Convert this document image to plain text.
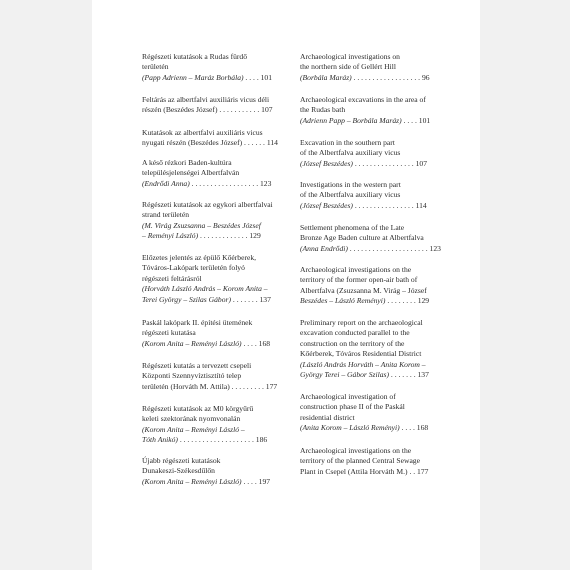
Régészeti kutatások a Rudas fürdő
területén
(Papp Adrienn – Maráz Borbála) . . . . 101
Feltárás az albertfalvi auxiliáris vicus déli
részén (Beszédes József) . . . . . . . . . . . 107
Kutatások az albertfalvi auxiliáris vicus
nyugati részén (Beszédes József) . . . . . . 114
A késő rézkori Baden-kultúra
településjelenségei Albertfalván
(Endrődi Anna) . . . . . . . . . . . . . . . . . . 123
Régészeti kutatások az egykori albertfalvai
strand területén
(M. Virág Zsuzsanna – Beszédes József
– Reményi László) . . . . . . . . . . . . . 129
Előzetes jelentés az épülő Kőérberek,
Tóváros-Lakópark területén folyó
régészeti feltárásról
(Horváth László András – Korom Anita –
Terei György – Szilas Gábor) . . . . . . . 137
Paskál lakópark II. építési ütemének
régészeti kutatása
(Korom Anita – Reményi László) . . . . 168
Régészeti kutatás a tervezett csepeli
Központi Szennyvíztisztító telep
területén (Horváth M. Attila) . . . . . . . . . 177
Régészeti kutatások az M0 körgyűrű
keleti szektorának nyomvonalán
(Korom Anita – Reményi László –
Tóth Anikó) . . . . . . . . . . . . . . . . . . . . 186
Újabb régészeti kutatások
Dunakeszi-Székesdűlőn
(Korom Anita – Reményi László) . . . . 197
Archaeological investigations on
the northern side of Gellért Hill
(Borbála Maráz) . . . . . . . . . . . . . . . . . . 96
Archaeological excavations in the area of
the Rudas bath
(Adrienn Papp – Borbála Maráz) . . . . 101
Excavation in the southern part
of the Albertfalva auxiliary vicus
(József Beszédes) . . . . . . . . . . . . . . . . 107
Investigations in the western part
of the Albertfalva auxiliary vicus
(József Beszédes) . . . . . . . . . . . . . . . . 114
Settlement phenomena of the Late
Bronze Age Baden culture at Albertfalva
(Anna Endrődi) . . . . . . . . . . . . . . . . . . . . . 123
Archaeological investigations on the
territory of the former open-air bath of
Albertfalva (Zsuzsanna M. Virág – József
Beszédes – László Reményi) . . . . . . . . 129
Preliminary report on the archaeological
excavation conducted parallel to the
construction on the territory of the
Kőérberek, Tóváros Residential District
(László András Horváth – Anita Korom –
György Terei – Gábor Szilas) . . . . . . . 137
Archaeological investigation of
construction phase II of the Paskál
residential district
(Anita Korom – László Reményi) . . . . 168
Archaeological investigations on the
territory of the planned Central Sewage
Plant in Csepel (Attila Horváth M.) . . 177
